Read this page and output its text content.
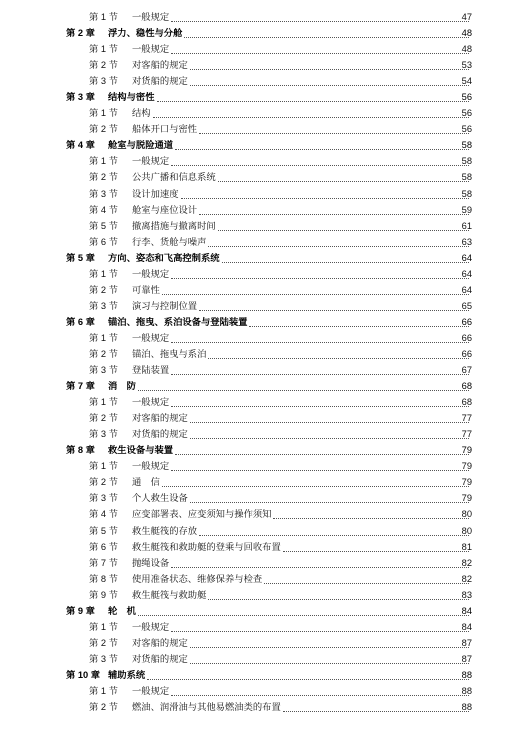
第 1 节 一般规定	47
第 2 章 浮力、稳性与分舱	48
第 1 节 一般规定	48
第 2 节 对客船的规定	53
第 3 节 对货船的规定	54
第 3 章 结构与密性	56
第 1 节 结构	56
第 2 节 船体开口与密性	56
第 4 章 舱室与脱险通道	58
第 1 节 一般规定	58
第 2 节 公共广播和信息系统	58
第 3 节 设计加速度	58
第 4 节 舱室与座位设计	59
第 5 节 撤离措施与撤离时间	61
第 6 节 行李、货舱与噪声	63
第 5 章 方向、姿态和飞高控制系统	64
第 1 节 一般规定	64
第 2 节 可靠性	64
第 3 节 演习与控制位置	65
第 6 章 锚泊、拖曳、系泊设备与登陆装置	66
第 1 节 一般规定	66
第 2 节 锚泊、拖曳与系泊	66
第 3 节 登陆装置	67
第 7 章 消　防	68
第 1 节 一般规定	68
第 2 节 对客船的规定	77
第 3 节 对货船的规定	77
第 8 章 救生设备与装置	79
第 1 节 一般规定	79
第 2 节 通　信	79
第 3 节 个人救生设备	79
第 4 节 应变部署表、应变须知与操作须知	80
第 5 节 救生艇筏的存放	80
第 6 节 救生艇筏和救助艇的登乘与回收布置	81
第 7 节 抛绳设备	82
第 8 节 使用准备状态、维修保养与检查	82
第 9 节 救生艇筏与救助艇	83
第 9 章 轮　机	84
第 1 节 一般规定	84
第 2 节 对客船的规定	87
第 3 节 对货船的规定	87
第 10 章 辅助系统	88
第 1 节 一般规定	88
第 2 节 燃油、润滑油与其他易燃油类的布置	88
